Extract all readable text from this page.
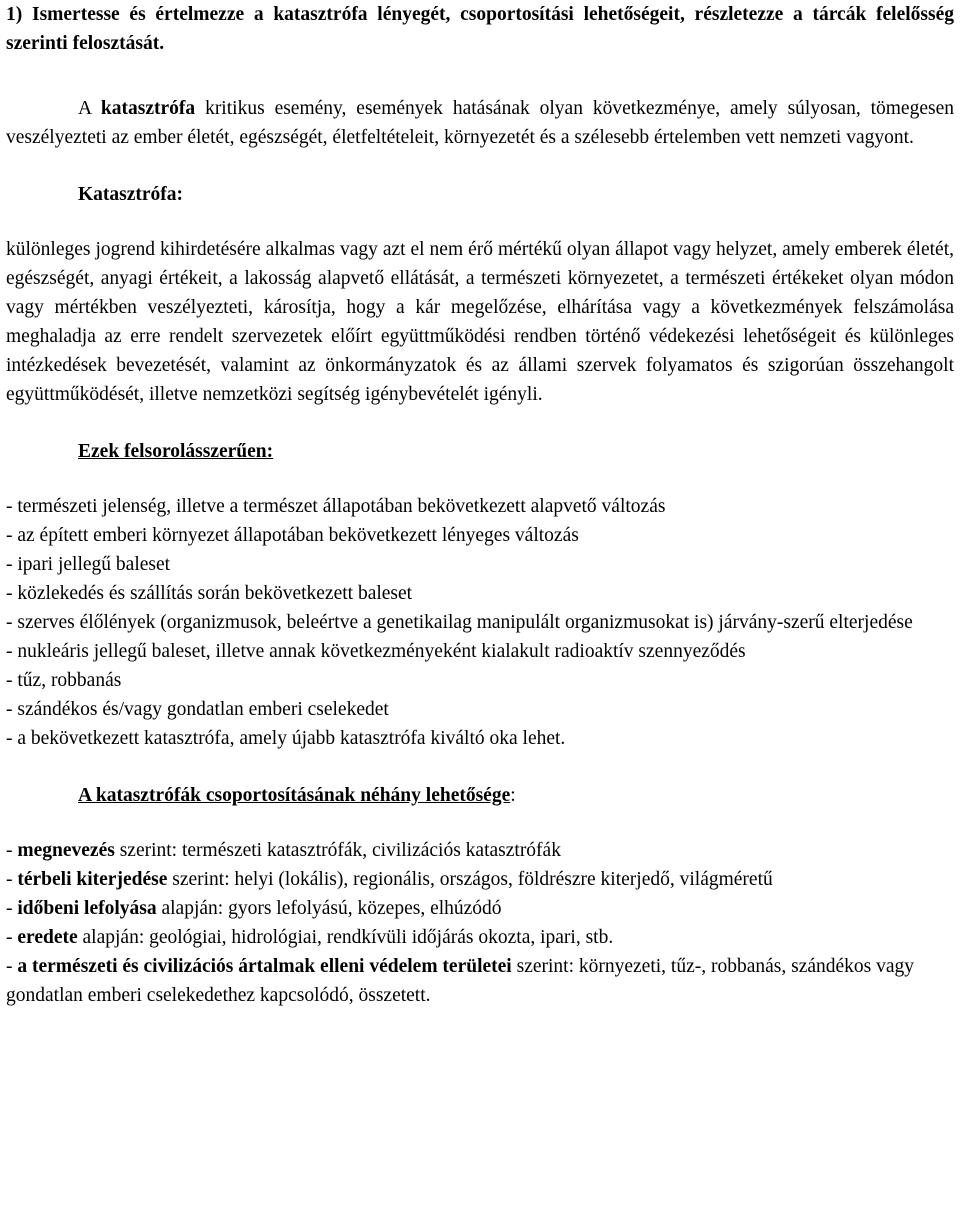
1) Ismertesse és értelmezze a katasztrófa lényegét, csoportosítási lehetőségeit, részletezze a tárcák felelősség szerinti felosztását.

A katasztrófa kritikus esemény, események hatásának olyan következménye, amely súlyosan, tömegesen veszélyezteti az ember életét, egészségét, életfeltételeit, környezetét és a szélesebb értelemben vett nemzeti vagyont.

Katasztrófa:

különleges jogrend kihirdetésére alkalmas vagy azt el nem érő mértékű olyan állapot vagy helyzet, amely emberek életét, egészségét, anyagi értékeit, a lakosság alapvető ellátását, a természeti környezetet, a természeti értékeket olyan módon vagy mértékben veszélyezteti, károsítja, hogy a kár megelőzése, elhárítása vagy a következmények felszámolása meghaladja az erre rendelt szervezetek előírt együttműködési rendben történő védekezési lehetőségeit és különleges intézkedések bevezetését, valamint az önkormányzatok és az állami szervek folyamatos és szigorúan összehangolt együttműködését, illetve nemzetközi segítség igénybevételét igényli.

Ezek felsorolásszerűen:

- természeti jelenség, illetve a természet állapotában bekövetkezett alapvető változás
- az épített emberi környezet állapotában bekövetkezett lényeges változás
- ipari jellegű baleset
- közlekedés és szállítás során bekövetkezett baleset
- szerves élőlények (organizmusok, beleértve a genetikailag manipulált organizmusokat is) járvány-szerű elterjedése
- nukleáris jellegű baleset, illetve annak következményeként kialakult radioaktív szennyeződés
- tűz, robbanás
- szándékos és/vagy gondatlan emberi cselekedet
- a bekövetkezett katasztrófa, amely újabb katasztrófa kiváltó oka lehet.

A katasztrófák csoportosításának néhány lehetősége:

- megnevezés szerint: természeti katasztrófák, civilizációs katasztrófák
- térbeli kiterjedése szerint: helyi (lokális), regionális, országos, földrészre kiterjedő, világméretű
- időbeni lefolyása alapján: gyors lefolyású, közepes, elhúzódó
- eredete alapján: geológiai, hidrológiai, rendkívüli időjárás okozta, ipari, stb.
- a természeti és civilizációs ártalmak elleni védelem területei szerint: környezeti, tűz-, robbanás, szándékos vagy gondatlan emberi cselekedethez kapcsolódó, összetett.
